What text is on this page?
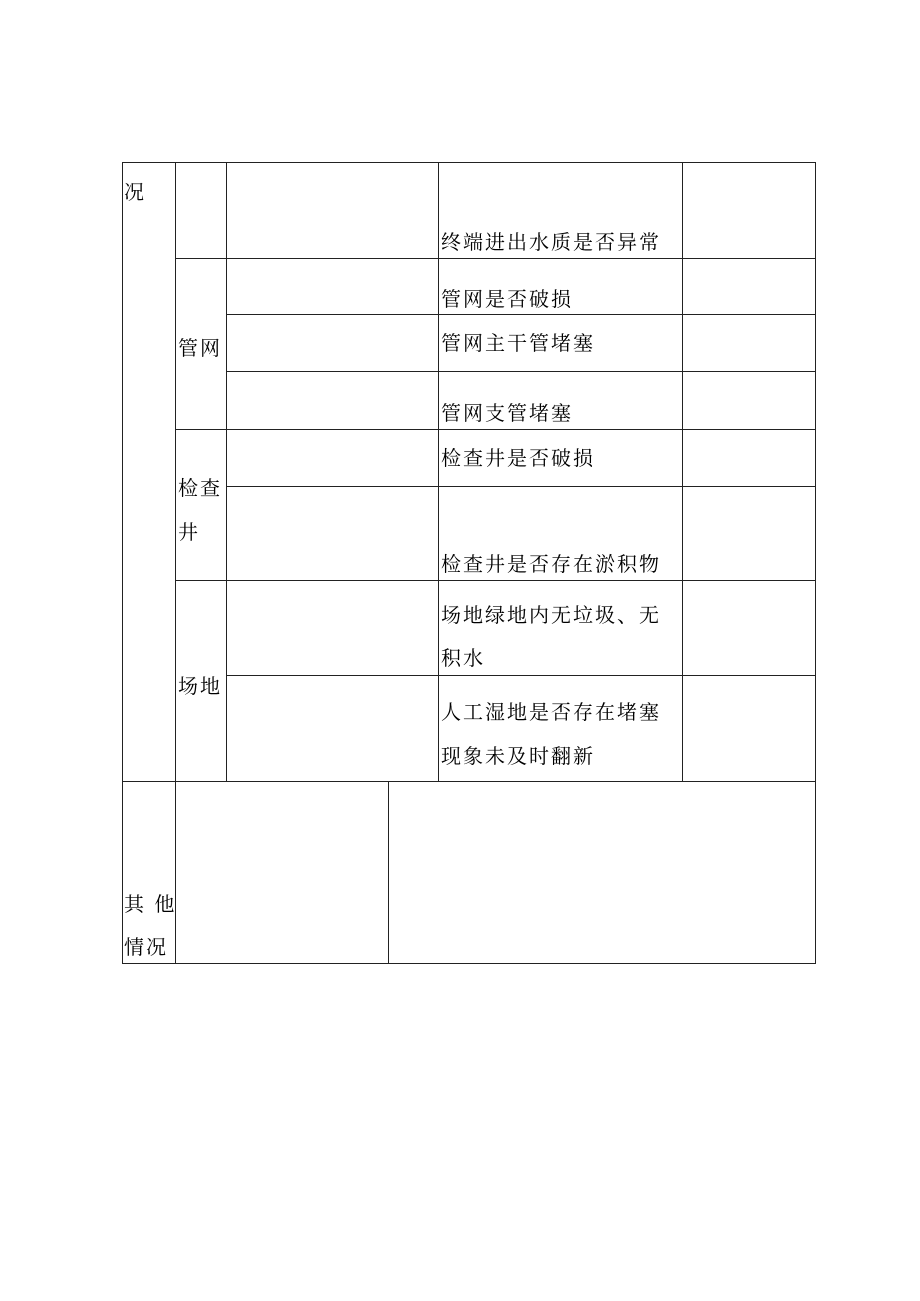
况
管网
检查井
场地
终端进出水质是否异常
管网是否破损
管网主干管堵塞
管网支管堵塞
检查井是否破损
检查井是否存在淤积物
场地绿地内无垃圾、无
积水
人工湿地是否存在堵塞
现象未及时翻新
其 他
情况
